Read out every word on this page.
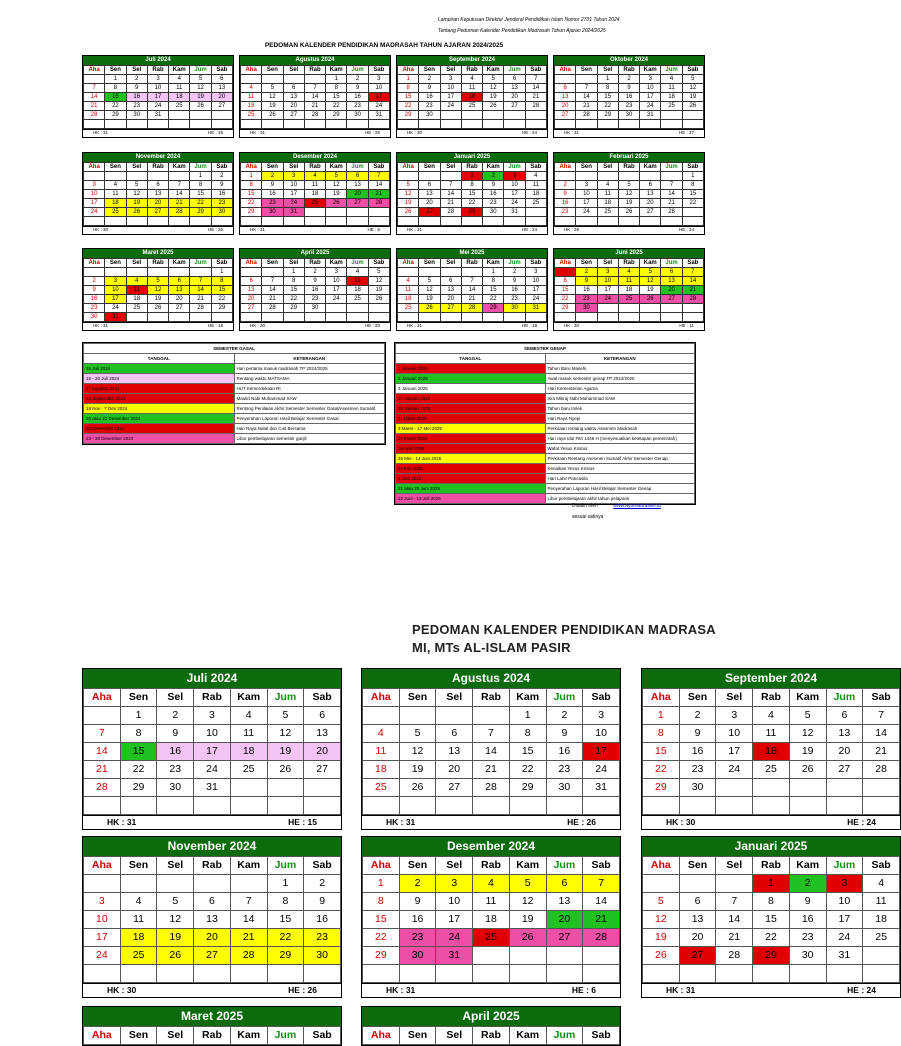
Lampiran Keputusan Direktur Jenderal Pendidikan Islam Nomor 2701 Tahun 2024
Tentang Pedoman Kalender Pendidikan Madrasah Tahun Ajaran 2024/2025
PEDOMAN KALENDER PENDIDIKAN MADRASAH TAHUN AJARAN 2024/2025
Juli 2024
Aha	Sen	Sel	Rab	Kam	Jum	Sab
	1	2	3	4	5	6
7	8	9	10	11	12	13
14	15	16	17	18	19	20
21	22	23	24	25	26	27
28	29	30	31			

HK : 31	HE : 15
Agustus 2024
Aha	Sen	Sel	Rab	Kam	Jum	Sab
				1	2	3
4	5	6	7	8	9	10
11	12	13	14	15	16	17
18	19	20	21	22	23	24
25	26	27	28	29	30	31

HK : 31	HE : 26
September 2024
Aha	Sen	Sel	Rab	Kam	Jum	Sab
1	2	3	4	5	6	7
8	9	10	11	12	13	14
15	16	17	18	19	20	21
22	23	24	25	26	27	28
29	30					

HK : 30	HE : 24
Oktober 2024
Aha	Sen	Sel	Rab	Kam	Jum	Sab
		1	2	3	4	5
6	7	8	9	10	11	12
13	14	15	16	17	18	19
20	21	22	23	24	25	26
27	28	29	30	31		

HK : 31	HE : 27
November 2024
Aha	Sen	Sel	Rab	Kam	Jum	Sab
					1	2
3	4	5	6	7	8	9
10	11	12	13	14	15	16
17	18	19	20	21	22	23
24	25	26	27	28	29	30

HK : 30	HE : 26
Desember 2024
Aha	Sen	Sel	Rab	Kam	Jum	Sab
1	2	3	4	5	6	7
8	9	10	11	12	13	14
15	16	17	18	19	20	21
22	23	24	25	26	27	28
29	30	31				

HK : 31	HE : 6
Januari 2025
Aha	Sen	Sel	Rab	Kam	Jum	Sab
			1	2	3	4
5	6	7	8	9	10	11
12	13	14	15	16	17	18
19	20	21	22	23	24	25
26	27	28	29	30	31	

HK : 31	HE : 24
Februari 2025
Aha	Sen	Sel	Rab	Kam	Jum	Sab
						1
2	3	4	5	6	7	8
9	10	11	12	13	14	15
16	17	18	19	20	21	22
23	24	25	26	27	28	

HK : 28	HE : 24
Maret 2025
Aha	Sen	Sel	Rab	Kam	Jum	Sab
						1
2	3	4	5	6	7	8
9	10	11	12	13	14	15
16	17	18	19	20	21	22
23	24	25	26	27	28	29
30	31					
HK : 31	HE : 18
April 2025
Aha	Sen	Sel	Rab	Kam	Jum	Sab
		1	2	3	4	5
6	7	8	9	10	11	12
13	14	15	16	17	18	19
20	21	22	23	24	25	26
27	28	29	30			

HK : 30	HE : 20
Mei 2025
Aha	Sen	Sel	Rab	Kam	Jum	Sab
				1	2	3
4	5	6	7	8	9	10
11	12	13	14	15	16	17
18	19	20	21	22	23	24
25	26	27	28	29	30	31

HK : 31	HE : 19
Juni 2025
Aha	Sen	Sel	Rab	Kam	Jum	Sab
1	2	3	4	5	6	7
8	9	10	11	12	13	14
15	16	17	18	19	20	21
22	23	24	25	26	27	28
29	30					

HK : 30	HE : 11
SEMESTER GASAL	
TANGGAL	KETERANGAN
15 Juli 2024	Hari pertama masuk madrasah TP 2024/2025
15 - 20 Juli 2024	Rentang waktu MATSAMA
17 Agustus 2024	HUT Kemerdekaan RI
18 September 2024	Maulid Nabi Muhammad SAW
18 Nov - 7 Des 2024	Rentang Penilaian Akhir Semester Semester Gasal/Asesmen Sumatif
20 atau 21 Desember 2024	Penyerahan Laporan Hasil Belajar Semester Gasal
25 Desember 2024	Hari Raya Natal dan Cuti Bersama
23 - 30 Desember 2024	Libur pembelajaran semester ganjil
SEMESTER GENAP	
TANGGAL	KETERANGAN
1 Januari 2025	Tahun Baru Masehi
2 Januari 2025	Awal masuk semester genap TP 2024/2025
3 Januari 2025	Hari Kementerian Agama
27 Januari 2025	Isra Mikraj Nabi Muhammad SAW
29 Januari 2025	Tahun baru Imlek
11 Maret 2025	Hari Raya Nyepi
3 Maret - 17 Mei 2025	Perkiraan rentang waktu Asesmen Madrasah
31 Maret 2025	Hari raya Idul Fitri 1446 H (menyesuaikan ketetapan pemerintah)
18 April 2025	Wafat Yesus Kristus
26 Mei - 14 Juni 2025	Perkiraan Rentang Asesmen Sumatif Akhir Semester Genap
29 Mei 2025	Kenaikan Yesus Kristus
1 Juni 2025	Hari Lahir Pancasila
21 atau 20 Juni 2025	Penyerahan Laporan Hasil Belajar Semester Genap
22 Juni - 13 Juli 2025	Libur pembelajaran akhir tahun pelajaran
Disalin oleh	www.ayomadrasah.id
sesuai aslinya
PEDOMAN KALENDER PENDIDIKAN MADRASA
MI, MTs AL-ISLAM PASIR
Juli 2024
Aha	Sen	Sel	Rab	Kam	Jum	Sab
	1	2	3	4	5	6
7	8	9	10	11	12	13
14	15	16	17	18	19	20
21	22	23	24	25	26	27
28	29	30	31			

HK : 31	HE : 15
Agustus 2024
Aha	Sen	Sel	Rab	Kam	Jum	Sab
				1	2	3
4	5	6	7	8	9	10
11	12	13	14	15	16	17
18	19	20	21	22	23	24
25	26	27	28	29	30	31

HK : 31	HE : 26
September 2024
Aha	Sen	Sel	Rab	Kam	Jum	Sab
1	2	3	4	5	6	7
8	9	10	11	12	13	14
15	16	17	18	19	20	21
22	23	24	25	26	27	28
29	30					

HK : 30	HE : 24
November 2024
Aha	Sen	Sel	Rab	Kam	Jum	Sab
					1	2
3	4	5	6	7	8	9
10	11	12	13	14	15	16
17	18	19	20	21	22	23
24	25	26	27	28	29	30

HK : 30	HE : 26
Desember 2024
Aha	Sen	Sel	Rab	Kam	Jum	Sab
1	2	3	4	5	6	7
8	9	10	11	12	13	14
15	16	17	18	19	20	21
22	23	24	25	26	27	28
29	30	31				

HK : 31	HE : 6
Januari 2025
Aha	Sen	Sel	Rab	Kam	Jum	Sab
			1	2	3	4
5	6	7	8	9	10	11
12	13	14	15	16	17	18
19	20	21	22	23	24	25
26	27	28	29	30	31	

HK : 31	HE : 24
Maret 2025
Aha	Sen	Sel	Rab	Kam	Jum	Sab
April 2025
Aha	Sen	Sel	Rab	Kam	Jum	Sab
